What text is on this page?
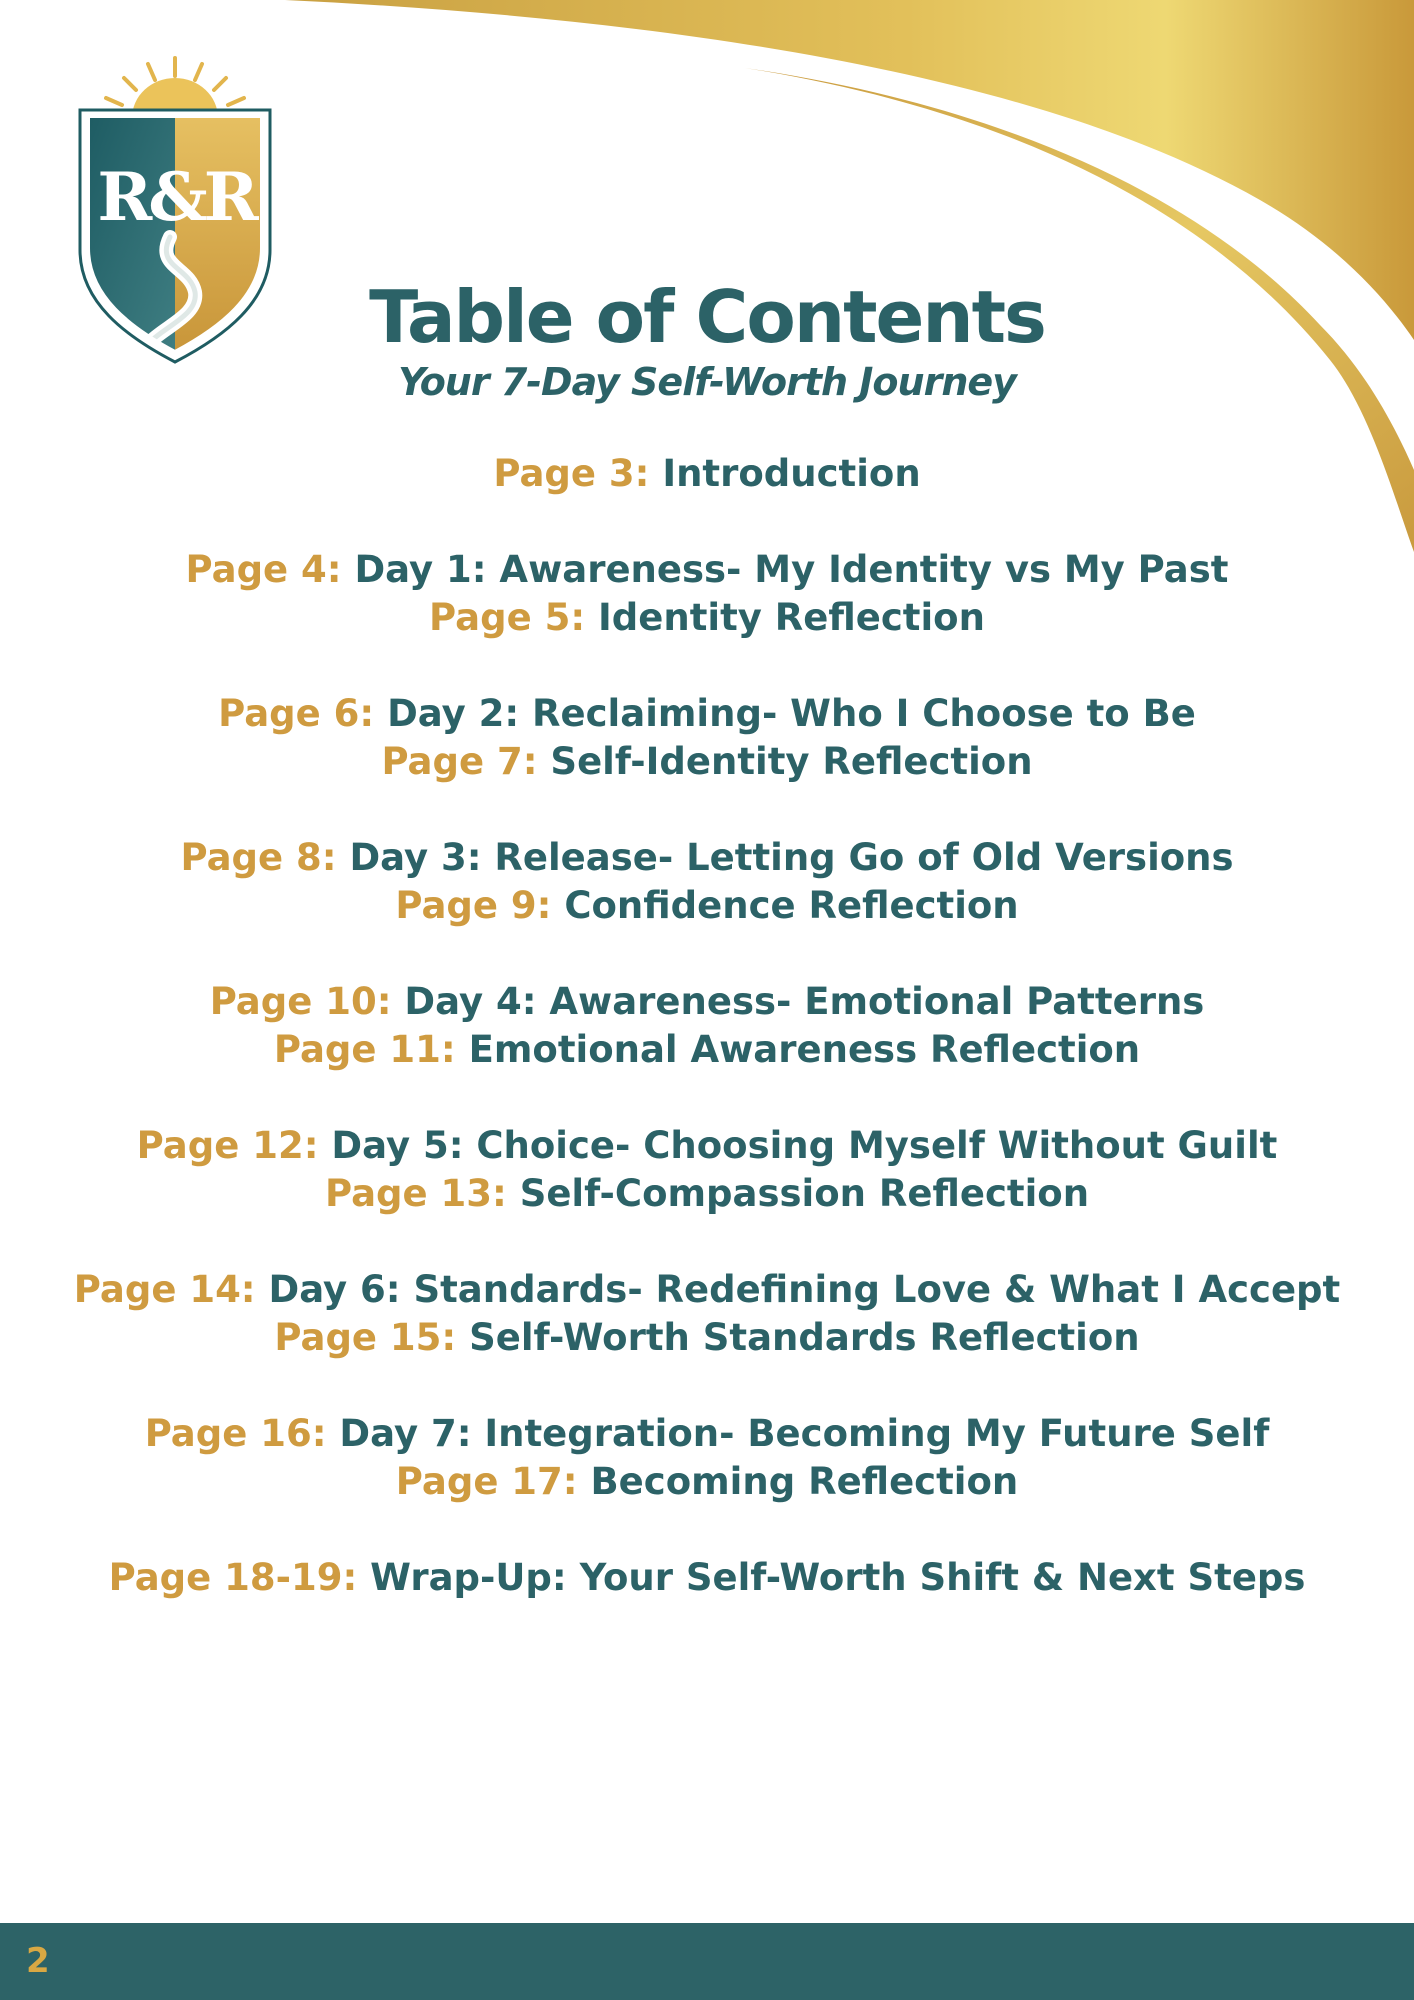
R&R
Table of Contents
Your 7-Day Self-Worth Journey
Page 3: Introduction
Page 4: Day 1: Awareness- My Identity vs My Past
Page 5: Identity Reflection
Page 6: Day 2: Reclaiming- Who I Choose to Be
Page 7: Self-Identity Reflection
Page 8: Day 3: Release- Letting Go of Old Versions
Page 9: Confidence Reflection
Page 10: Day 4: Awareness- Emotional Patterns
Page 11: Emotional Awareness Reflection
Page 12: Day 5: Choice- Choosing Myself Without Guilt
Page 13: Self-Compassion Reflection
Page 14: Day 6: Standards- Redefining Love & What I Accept
Page 15: Self-Worth Standards Reflection
Page 16: Day 7: Integration- Becoming My Future Self
Page 17: Becoming Reflection
Page 18-19: Wrap-Up: Your Self-Worth Shift & Next Steps
2
